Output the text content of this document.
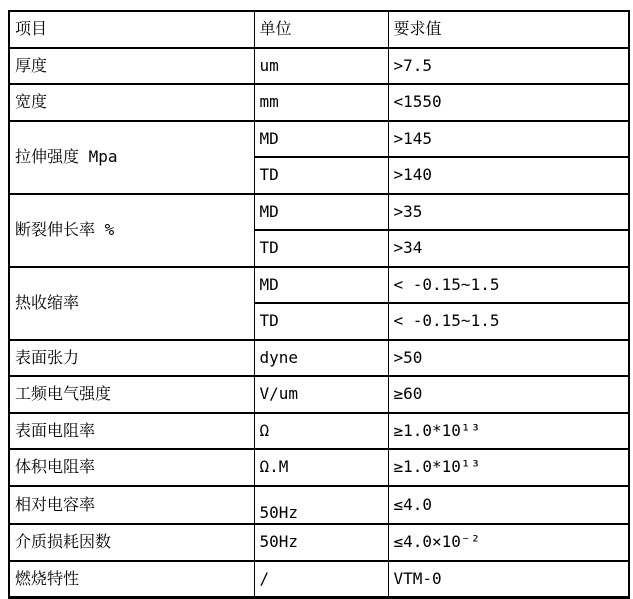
项目	单位	要求值
厚度	um	>7.5
宽度	mm	<1550
拉伸强度 Mpa	MD	>145
	TD	>140
断裂伸长率 %	MD	>35
	TD	>34
热收缩率	MD	< -0.15~1.5
	TD	< -0.15~1.5
表面张力	dyne	>50
工频电气强度	V/um	≥60
表面电阻率	Ω	≥1.0*10¹³
体积电阻率	Ω.M	≥1.0*10¹³
相对电容率	50Hz	≤4.0
介质损耗因数	50Hz	≤4.0×10⁻²
燃烧特性	/	VTM-0
